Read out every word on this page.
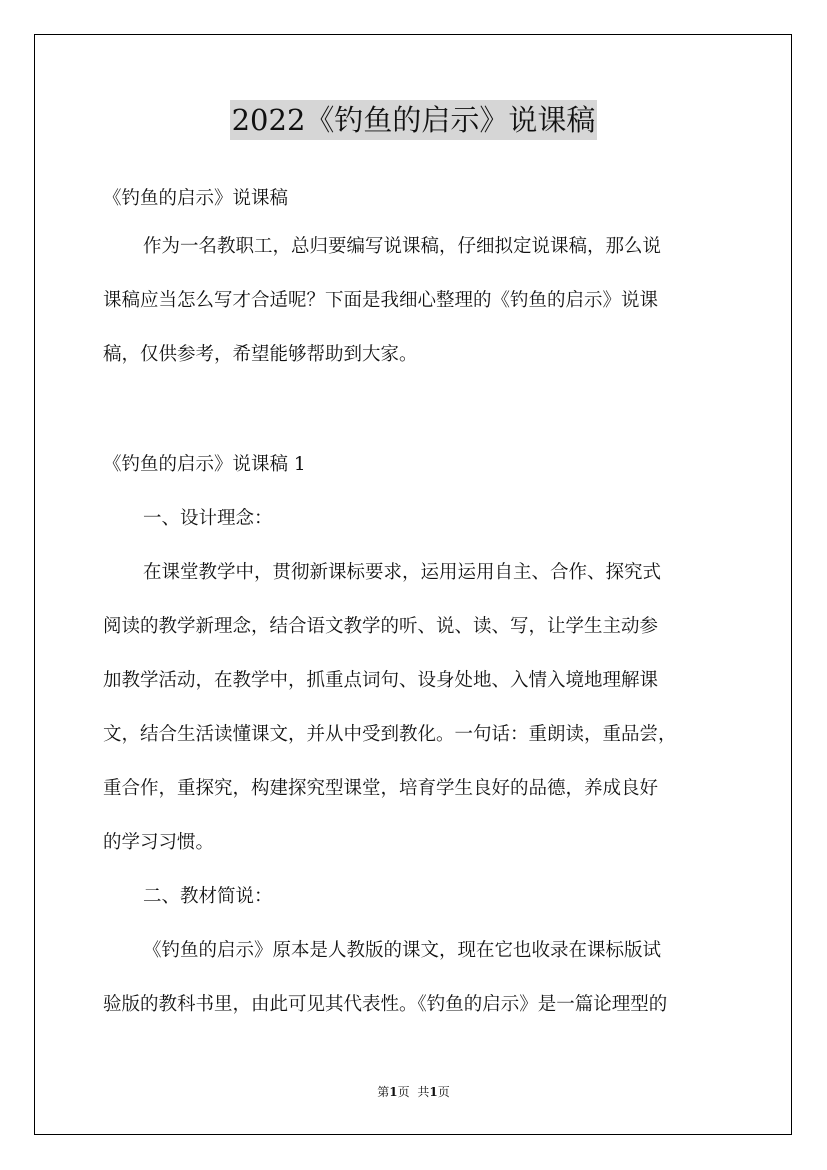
2022《钓鱼的启示》说课稿
《钓鱼的启示》说课稿
作为一名教职工，总归要编写说课稿，仔细拟定说课稿，那么说
课稿应当怎么写才合适呢？下面是我细心整理的《钓鱼的启示》说课
稿，仅供参考，希望能够帮助到大家。
《钓鱼的启示》说课稿 1
一、设计理念：
在课堂教学中，贯彻新课标要求，运用运用自主、合作、探究式
阅读的教学新理念，结合语文教学的听、说、读、写，让学生主动参
加教学活动，在教学中，抓重点词句、设身处地、入情入境地理解课
文，结合生活读懂课文，并从中受到教化。一句话：重朗读，重品尝，
重合作，重探究，构建探究型课堂，培育学生良好的品德，养成良好
的学习习惯。
二、教材简说：
《钓鱼的启示》原本是人教版的课文，现在它也收录在课标版试
验版的教科书里，由此可见其代表性。《钓鱼的启示》是一篇论理型的
第1页 共1页
